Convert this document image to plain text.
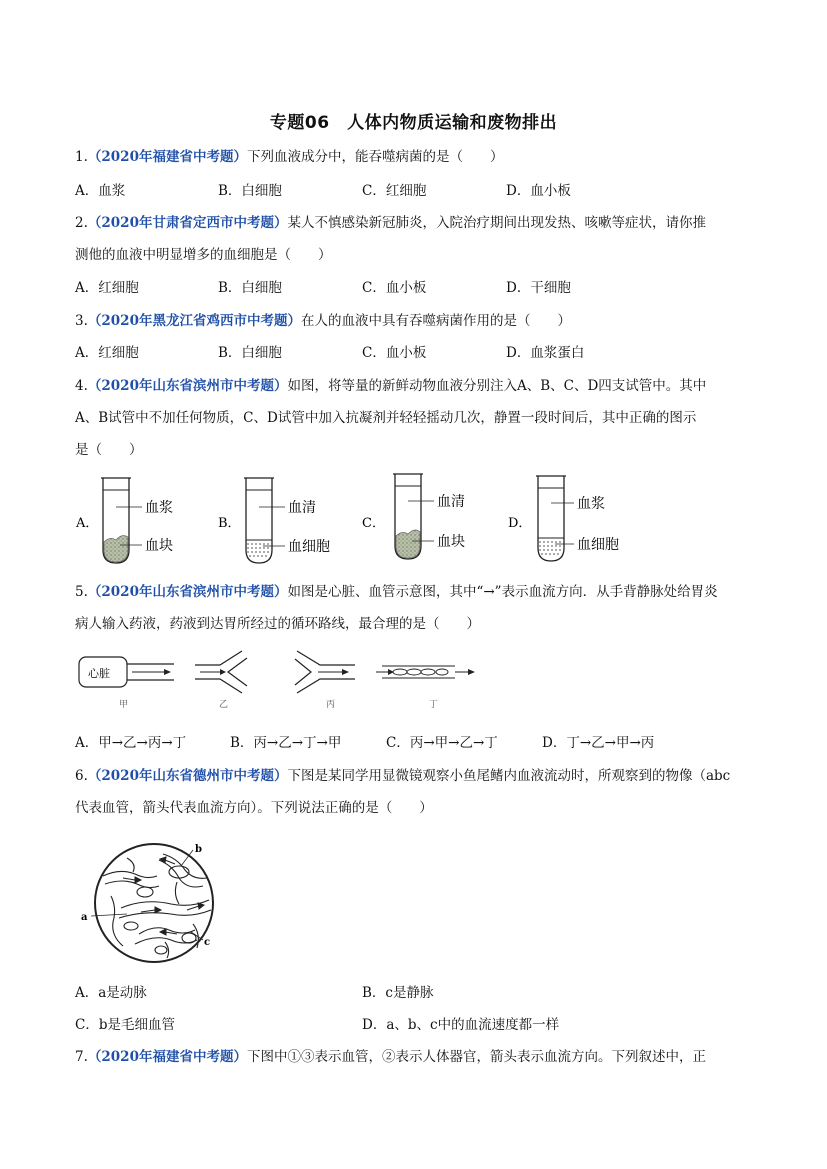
专题06　人体内物质运输和废物排出
1.（2020年福建省中考题）下列血液成分中，能吞噬病菌的是（　　）
A．血浆	B．白细胞	C．红细胞	D．血小板
2.（2020年甘肃省定西市中考题）某人不慎感染新冠肺炎，入院治疗期间出现发热、咳嗽等症状，请你推
测他的血液中明显增多的血细胞是（　　）
A．红细胞	B．白细胞	C．血小板	D．干细胞
3.（2020年黑龙江省鸡西市中考题）在人的血液中具有吞噬病菌作用的是（　　）
A．红细胞	B．白细胞	C．血小板	D．血浆蛋白
4.（2020年山东省滨州市中考题）如图，将等量的新鲜动物血液分别注入A、B、C、D四支试管中。其中
A、B试管中不加任何物质，C、D试管中加入抗凝剂并轻轻摇动几次，静置一段时间后，其中正确的图示
是（　　）
A．
血浆
血块
B．
血清
血细胞
C．
血清
血块
D．
血浆
血细胞
5.（2020年山东省滨州市中考题）如图是心脏、血管示意图，其中“→”表示血流方向．从手背静脉处给胃炎
病人输入药液，药液到达胃所经过的循环路线，最合理的是（　　）
心脏
甲	乙	丙	丁
A．甲→乙→丙→丁	B．丙→乙→丁→甲	C．丙→甲→乙→丁	D．丁→乙→甲→丙
6.（2020年山东省德州市中考题）下图是某同学用显微镜观察小鱼尾鳍内血液流动时，所观察到的物像（abc
代表血管，箭头代表血流方向）。下列说法正确的是（　　）
a
b
c
A．a是动脉	B．c是静脉
C．b是毛细血管	D．a、b、c中的血流速度都一样
7.（2020年福建省中考题）下图中①③表示血管，②表示人体器官，箭头表示血流方向。下列叙述中，正
